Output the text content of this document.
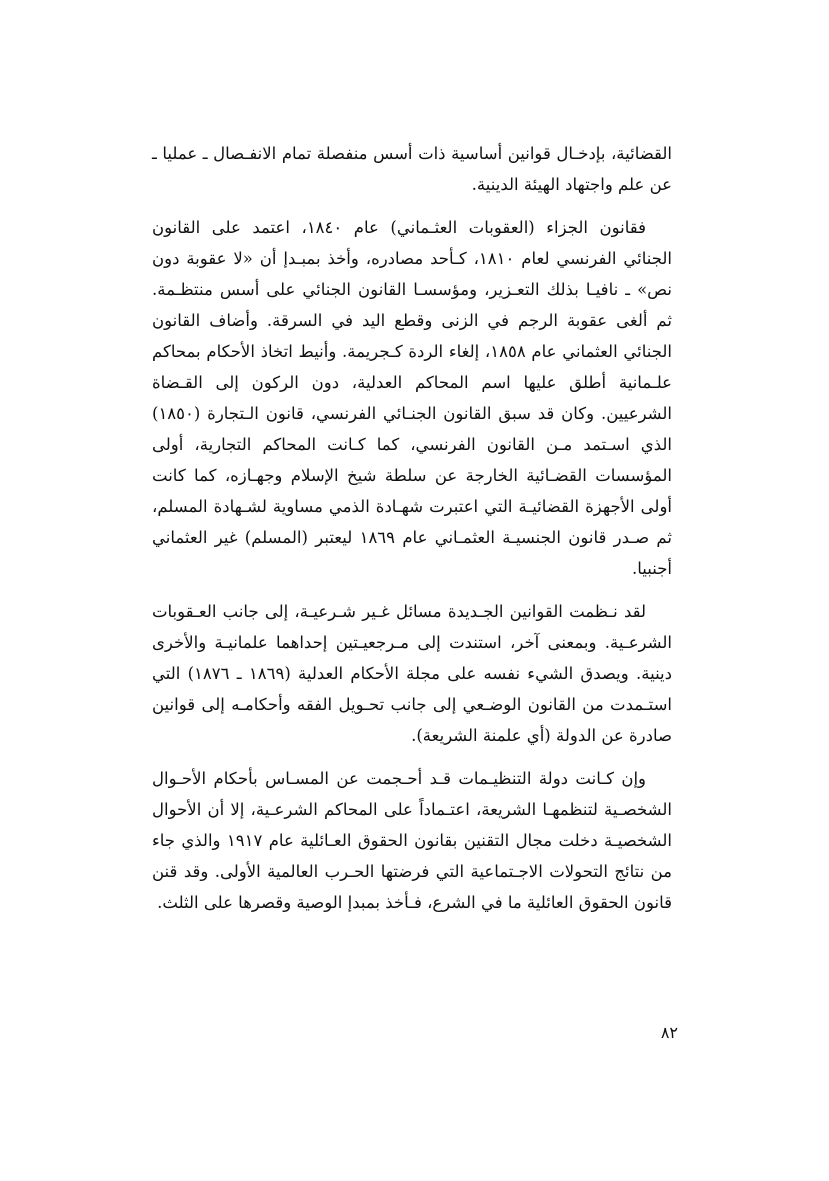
القضائية، بإدخـال قوانين أساسية ذات أسس منفصلة تمام الانفـصال ـ عمليا ـ عن علم واجتهاد الهيئة الدينية.

فقانون الجزاء (العقوبات العثـماني) عام ١٨٤٠، اعتمد على القانون الجنائي الفرنسي لعام ١٨١٠، كـأحد مصادره، وأخذ بمبـدإ أن «لا عقوبة دون نص» ـ نافيـا بذلك التعـزير، ومؤسسـا القانون الجنائي على أسس منتظـمة. ثم ألغى عقوبة الرجم في الزنى وقطع اليد في السرقة. وأضاف القانون الجنائي العثماني عام ١٨٥٨، إلغاء الردة كـجريمة. وأنيط اتخاذ الأحكام بمحاكم علـمانية أطلق عليها اسم المحاكم العدلية، دون الركون إلى القـضاة الشرعيين. وكان قد سبق القانون الجنـائي الفرنسي، قانون الـتجارة (١٨٥٠) الذي اسـتمد مـن القانون الفرنسي، كما كـانت المحاكم التجارية، أولى المؤسسات القضـائية الخارجة عن سلطة شيخ الإسلام وجهـازه، كما كانت أولى الأجهزة القضائيـة التي اعتبرت شهـادة الذمي مساوية لشـهادة المسلم، ثم صـدر قانون الجنسيـة العثمـاني عام ١٨٦٩ ليعتبر (المسلم) غير العثماني أجنبيا.

لقد نـظمت القوانين الجـديدة مسائل غـير شـرعيـة، إلى جانب العـقوبات الشرعـية. وبمعنى آخر، استندت إلى مـرجعيـتين إحداهما علمانيـة والأخرى دينية. ويصدق الشيء نفسه على مجلة الأحكام العدلية (١٨٦٩ ـ ١٨٧٦) التي استـمدت من القانون الوضـعي إلى جانب تحـويل الفقه وأحكامـه إلى قوانين صادرة عن الدولة (أي علمنة الشريعة).

وإن كـانت دولة التنظيـمات قـد أحـجمت عن المسـاس بأحكام الأحـوال الشخصـية لتنظمهـا الشريعة، اعتـماداً على المحاكم الشرعـية، إلا أن الأحوال الشخصيـة دخلت مجال التقنين بقانون الحقوق العـائلية عام ١٩١٧ والذي جاء من نتائج التحولات الاجـتماعية التي فرضتها الحـرب العالمية الأولى. وقد قنن قانون الحقوق العائلية ما في الشرع، فـأخذ بمبدإ الوصية وقصرها على الثلث.

٨٢
